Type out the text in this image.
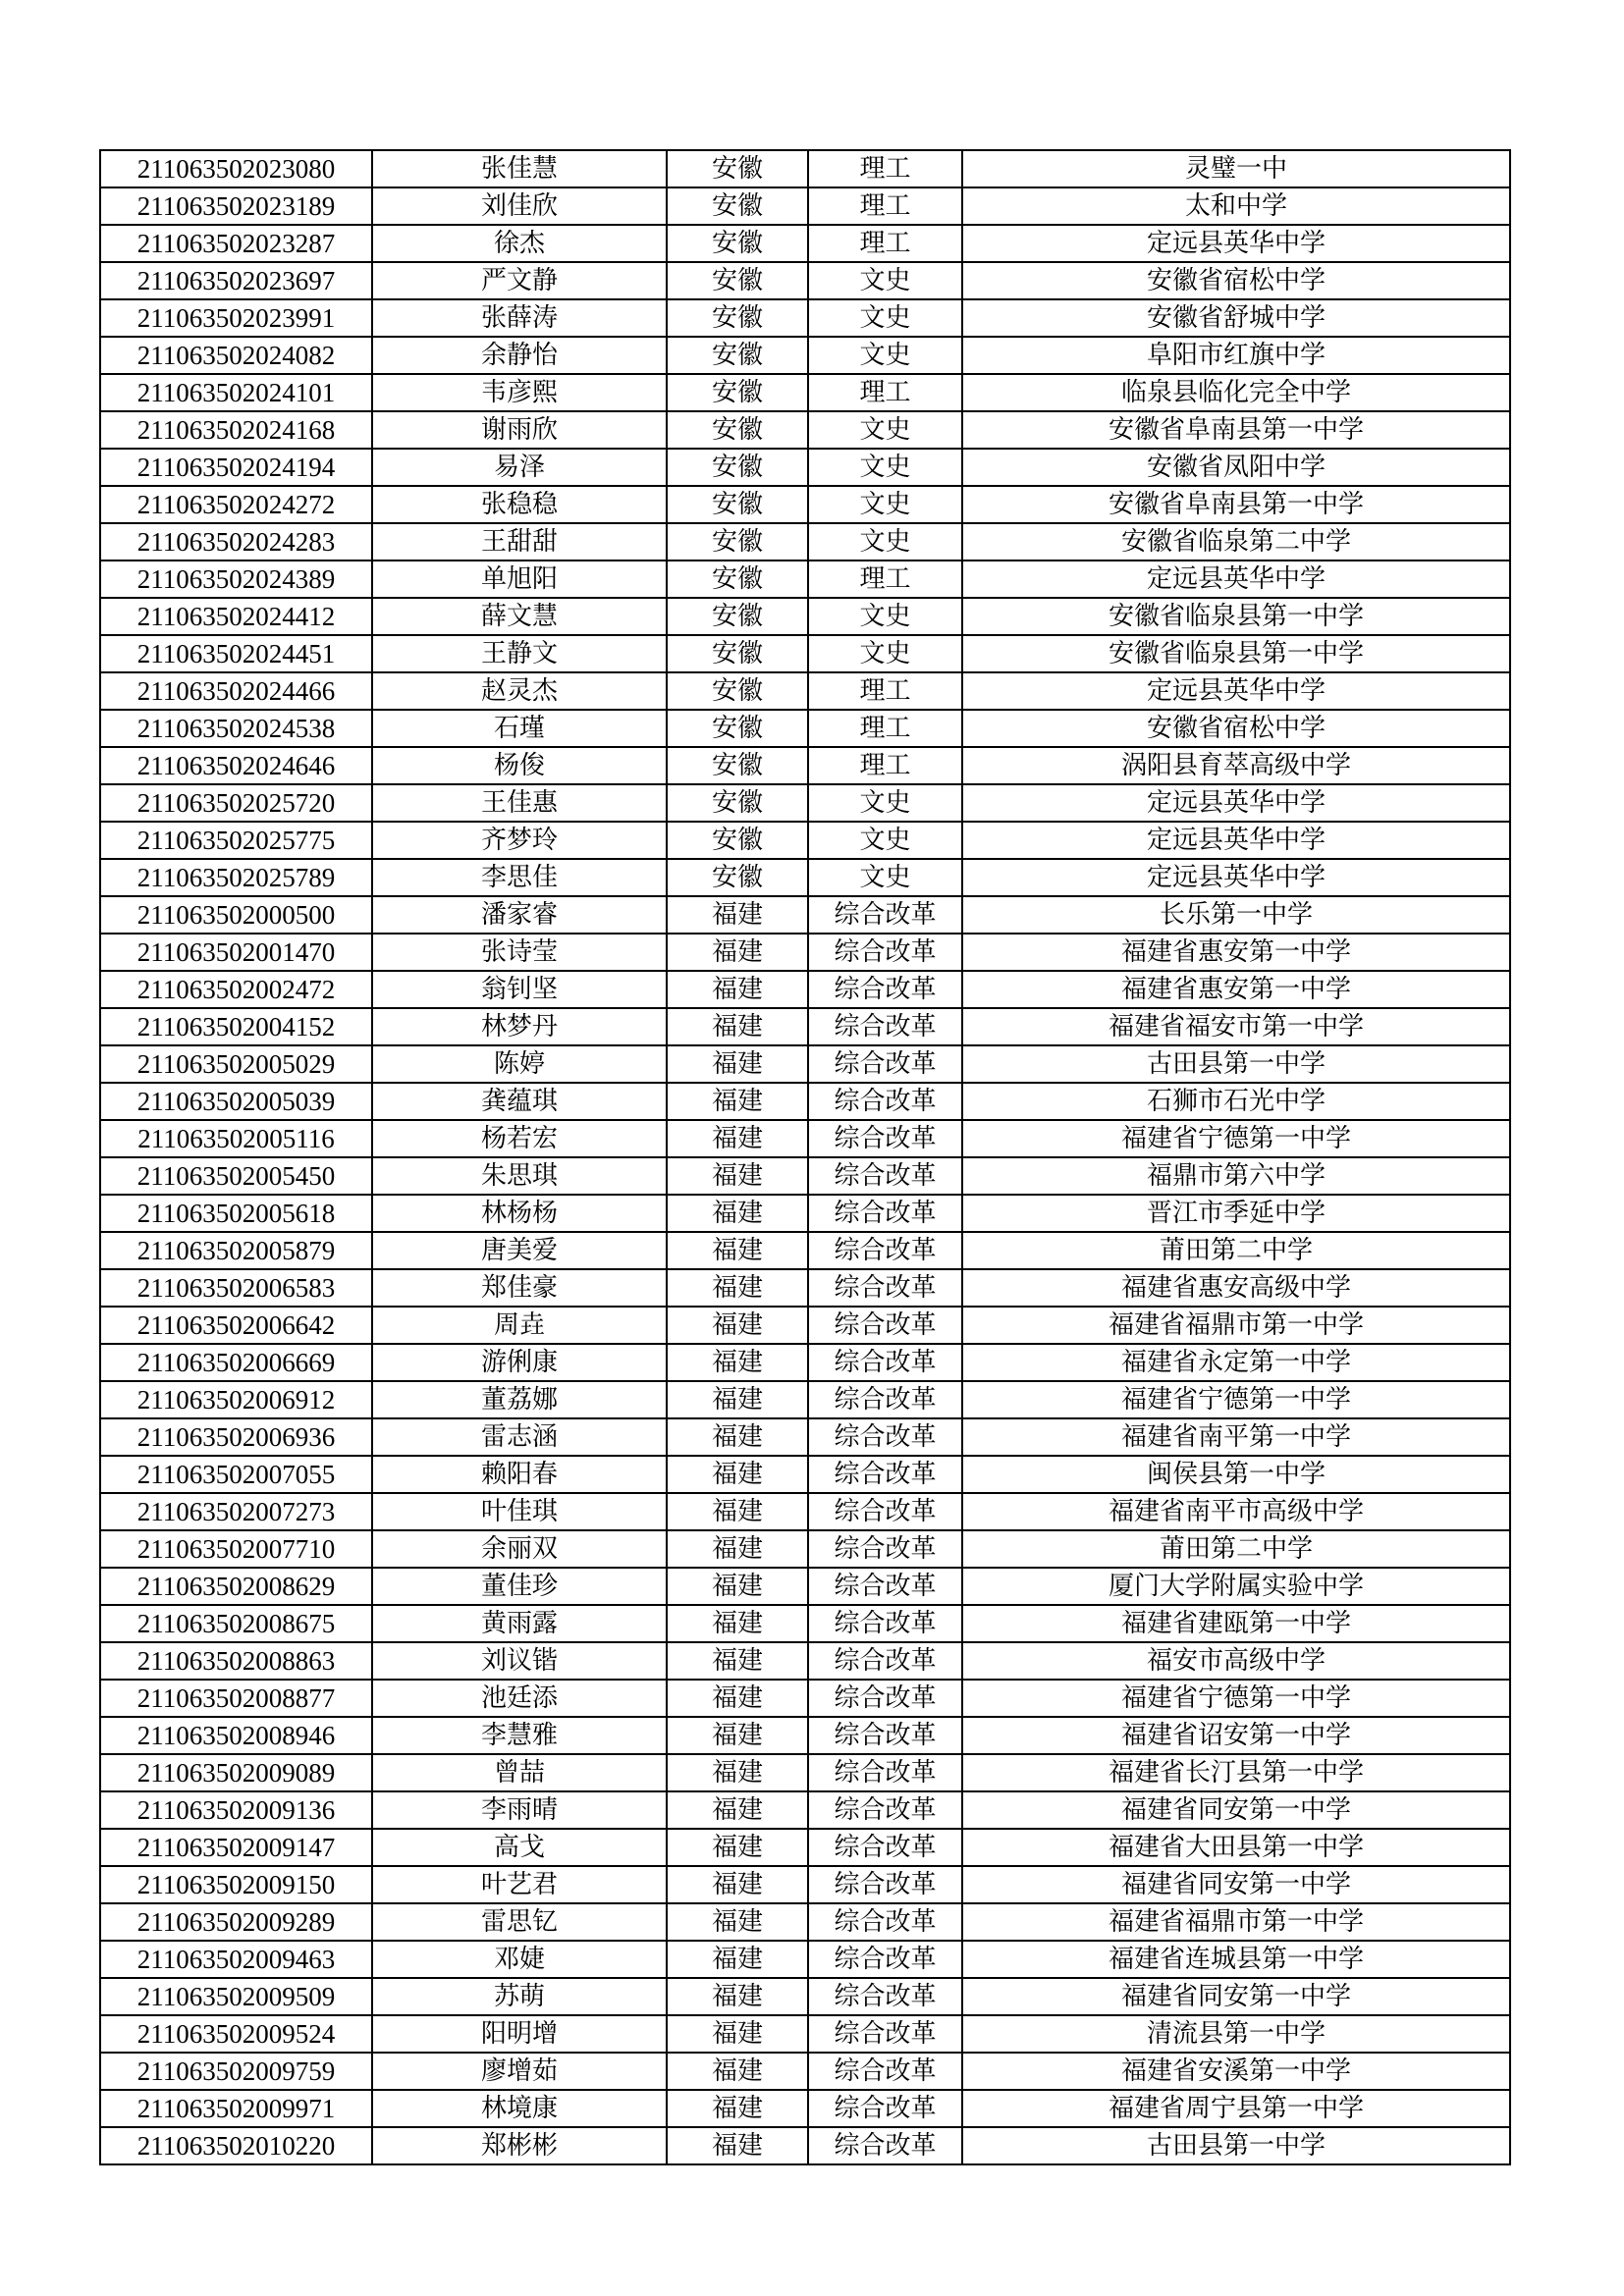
211063502023080	张佳慧	安徽	理工	灵璧一中
211063502023189	刘佳欣	安徽	理工	太和中学
211063502023287	徐杰	安徽	理工	定远县英华中学
211063502023697	严文静	安徽	文史	安徽省宿松中学
211063502023991	张薛涛	安徽	文史	安徽省舒城中学
211063502024082	余静怡	安徽	文史	阜阳市红旗中学
211063502024101	韦彦熙	安徽	理工	临泉县临化完全中学
211063502024168	谢雨欣	安徽	文史	安徽省阜南县第一中学
211063502024194	易泽	安徽	文史	安徽省凤阳中学
211063502024272	张稳稳	安徽	文史	安徽省阜南县第一中学
211063502024283	王甜甜	安徽	文史	安徽省临泉第二中学
211063502024389	单旭阳	安徽	理工	定远县英华中学
211063502024412	薛文慧	安徽	文史	安徽省临泉县第一中学
211063502024451	王静文	安徽	文史	安徽省临泉县第一中学
211063502024466	赵灵杰	安徽	理工	定远县英华中学
211063502024538	石瑾	安徽	理工	安徽省宿松中学
211063502024646	杨俊	安徽	理工	涡阳县育萃高级中学
211063502025720	王佳惠	安徽	文史	定远县英华中学
211063502025775	齐梦玲	安徽	文史	定远县英华中学
211063502025789	李思佳	安徽	文史	定远县英华中学
211063502000500	潘家睿	福建	综合改革	长乐第一中学
211063502001470	张诗莹	福建	综合改革	福建省惠安第一中学
211063502002472	翁钊坚	福建	综合改革	福建省惠安第一中学
211063502004152	林梦丹	福建	综合改革	福建省福安市第一中学
211063502005029	陈婷	福建	综合改革	古田县第一中学
211063502005039	龚蕴琪	福建	综合改革	石狮市石光中学
211063502005116	杨若宏	福建	综合改革	福建省宁德第一中学
211063502005450	朱思琪	福建	综合改革	福鼎市第六中学
211063502005618	林杨杨	福建	综合改革	晋江市季延中学
211063502005879	唐美爱	福建	综合改革	莆田第二中学
211063502006583	郑佳豪	福建	综合改革	福建省惠安高级中学
211063502006642	周垚	福建	综合改革	福建省福鼎市第一中学
211063502006669	游俐康	福建	综合改革	福建省永定第一中学
211063502006912	董荔娜	福建	综合改革	福建省宁德第一中学
211063502006936	雷志涵	福建	综合改革	福建省南平第一中学
211063502007055	赖阳春	福建	综合改革	闽侯县第一中学
211063502007273	叶佳琪	福建	综合改革	福建省南平市高级中学
211063502007710	余丽双	福建	综合改革	莆田第二中学
211063502008629	董佳珍	福建	综合改革	厦门大学附属实验中学
211063502008675	黄雨露	福建	综合改革	福建省建瓯第一中学
211063502008863	刘议锴	福建	综合改革	福安市高级中学
211063502008877	池廷添	福建	综合改革	福建省宁德第一中学
211063502008946	李慧雅	福建	综合改革	福建省诏安第一中学
211063502009089	曾喆	福建	综合改革	福建省长汀县第一中学
211063502009136	李雨晴	福建	综合改革	福建省同安第一中学
211063502009147	高戈	福建	综合改革	福建省大田县第一中学
211063502009150	叶艺君	福建	综合改革	福建省同安第一中学
211063502009289	雷思钇	福建	综合改革	福建省福鼎市第一中学
211063502009463	邓婕	福建	综合改革	福建省连城县第一中学
211063502009509	苏萌	福建	综合改革	福建省同安第一中学
211063502009524	阳明增	福建	综合改革	清流县第一中学
211063502009759	廖增茹	福建	综合改革	福建省安溪第一中学
211063502009971	林境康	福建	综合改革	福建省周宁县第一中学
211063502010220	郑彬彬	福建	综合改革	古田县第一中学
